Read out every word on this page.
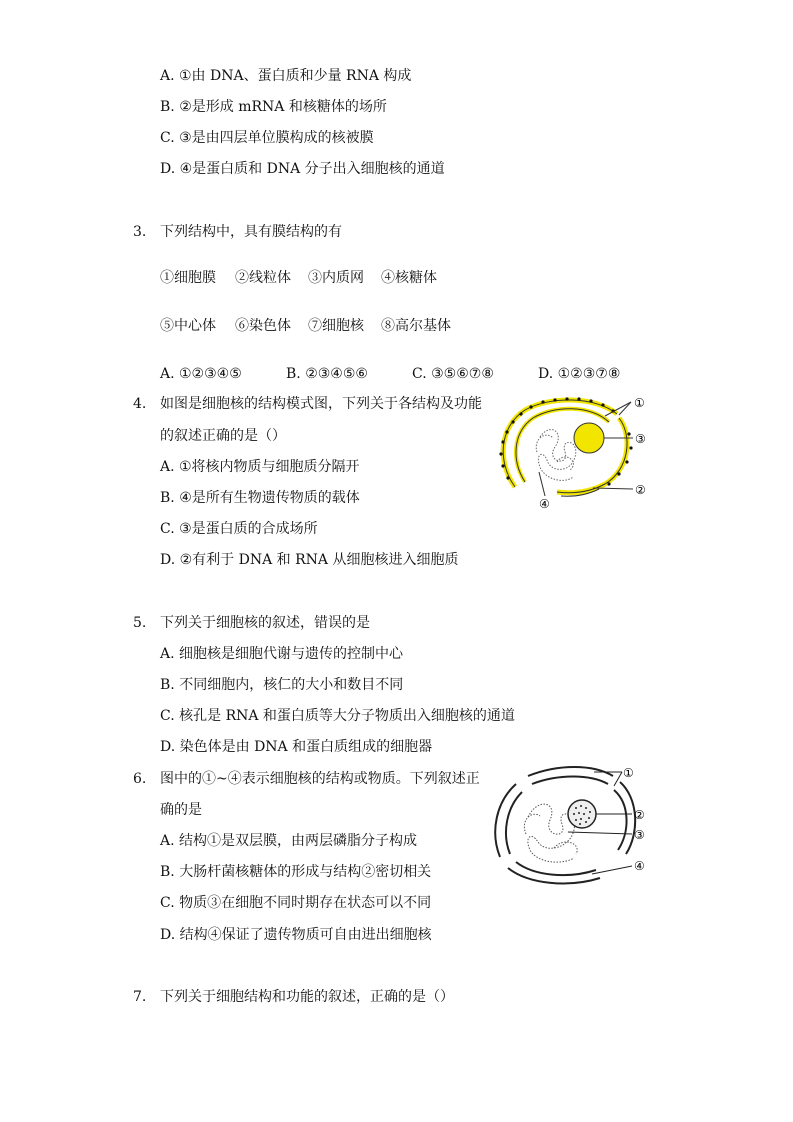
A. ①由 DNA、蛋白质和少量 RNA 构成
B. ②是形成 mRNA 和核糖体的场所
C. ③是由四层单位膜构成的核被膜
D. ④是蛋白质和 DNA 分子出入细胞核的通道
3. 下列结构中，具有膜结构的有
①细胞膜 ②线粒体 ③内质网 ④核糖体
⑤中心体 ⑥染色体 ⑦细胞核 ⑧高尔基体
A. ①②③④⑤	B. ②③④⑤⑥	C. ③⑤⑥⑦⑧	D. ①②③⑦⑧
4. 如图是细胞核的结构模式图，下列关于各结构及功能
的叙述正确的是（）
A. ①将核内物质与细胞质分隔开
B. ④是所有生物遗传物质的载体
C. ③是蛋白质的合成场所
D. ②有利于 DNA 和 RNA 从细胞核进入细胞质
①
③
②
④
5. 下列关于细胞核的叙述，错误的是
A. 细胞核是细胞代谢与遗传的控制中心
B. 不同细胞内，核仁的大小和数目不同
C. 核孔是 RNA 和蛋白质等大分子物质出入细胞核的通道
D. 染色体是由 DNA 和蛋白质组成的细胞器
6. 图中的①~④表示细胞核的结构或物质。下列叙述正
确的是
A. 结构①是双层膜，由两层磷脂分子构成
B. 大肠杆菌核糖体的形成与结构②密切相关
C. 物质③在细胞不同时期存在状态可以不同
D. 结构④保证了遗传物质可自由进出细胞核
①
②
③
④
7. 下列关于细胞结构和功能的叙述，正确的是（）
